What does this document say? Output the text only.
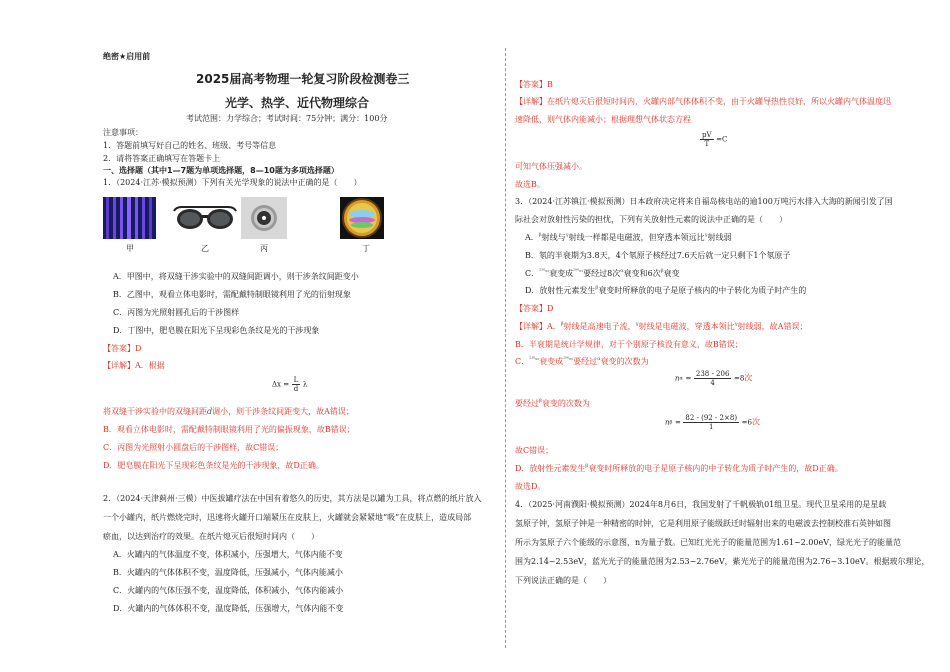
绝密★启用前
2025届高考物理一轮复习阶段检测卷三
光学、热学、近代物理综合
考试范围：力学综合；考试时间：75分钟；满分：100分
注意事项：
1．答题前填写好自己的姓名、班级、考号等信息
2．请将答案正确填写在答题卡上
一、选择题（其中1—7题为单项选择题，8—10题为多项选择题）
1．（2024·江苏·模拟预测）下列有关光学现象的说法中正确的是（　　）
甲	乙	丙	丁
A．甲图中，将双缝干涉实验中的双缝间距调小，则干涉条纹间距变小
B．乙图中，观看立体电影时，需配戴特制眼镜利用了光的衍射现象
C．丙图为光照射圆孔后的干涉图样
D．丁图中，肥皂膜在阳光下呈现彩色条纹是光的干涉现象
【答案】D
【详解】A．根据
$\Delta x = \frac{L}{d}$ λ
将双缝干涉实验中的双缝间距d调小，则干涉条纹间距变大，故A错误；
B．观看立体电影时，需配戴特制眼镜利用了光的偏振现象，故B错误；
C．丙图为光照射小圆盘后的干涉图样，故C错误；
D．肥皂膜在阳光下呈现彩色条纹是光的干涉现象，故D正确。
2．（2024·天津蓟州·三模）中医拔罐疗法在中国有着悠久的历史，其方法是以罐为工具，将点燃的纸片放入
一个小罐内，纸片燃烧完时，迅速将火罐开口端紧压在皮肤上，火罐就会紧紧地“吸”在皮肤上，造成局部
瘀血，以达到治疗的效果。在纸片熄灭后很短时间内（　　）
A．火罐内的气体温度不变，体积减小，压强增大，气体内能不变
B．火罐内的气体体积不变，温度降低，压强减小，气体内能减小
C．火罐内的气体压强不变，温度降低，体积减小，气体内能减小
D．火罐内的气体体积不变，温度降低，压强增大，气体内能不变
【答案】B
【详解】在纸片熄灭后很短时间内，火罐内部气体体积不变，由于火罐导热性良好，所以火罐内气体温度迅
速降低，则气体内能减小；根据理想气体状态方程
$\frac{pV}{T} =C$
可知气体压强减小。
故选B。
3．（2024·江苏镇江·模拟预测）日本政府决定将来自福岛核电站的逾100万吨污水排入大海的新闻引发了国
际社会对放射性污染的担忧，下列有关放射性元素的说法中正确的是（　　）
A．β射线与γ射线一样都是电磁波，但穿透本领远比γ射线弱
B．氡的半衰期为3.8天，4个氡原子核经过7.6天后就一定只剩下1个氡原子
C．²³⁸₉₂衰变成²⁰⁶₈₂要经过8次α衰变和6次β衰变
D．放射性元素发生β衰变时所释放的电子是原子核内的中子转化为质子时产生的
【答案】D
【详解】A．β射线是高速电子流，γ射线是电磁波，穿透本领比γ射线弱，故A错误；
B．半衰期是统计学规律，对于个别原子核没有意义，故B错误；
C．²³⁸₉₂衰变成²⁰⁶₈₂要经过α衰变的次数为
$n\alpha = \frac{238 - 206}{4} =8$次
要经过β衰变的次数为
$n\beta = \frac{82 - (92 - 2\times 8)}{1} =6$次
故C错误；
D．放射性元素发生β衰变时所释放的电子是原子核内的中子转化为质子时产生的，故D正确。
故选D。
4．（2025·河南濮阳·模拟预测）2024年8月6日，我国发射了千帆极轨01组卫星。现代卫星采用的是星载
氢原子钟，氢原子钟是一种精密的时钟，它是利用原子能级跃迁时辐射出来的电磁波去控制校准石英钟如图
所示为氢原子六个能级的示意图，n为量子数。已知红光光子的能量范围为1.61~2.00eV，绿光光子的能量范
围为2.14~2.53eV，蓝光光子的能量范围为2.53~2.76eV，紫光光子的能量范围为2.76~3.10eV。根据玻尔理论，
下列说法正确的是（　　）
